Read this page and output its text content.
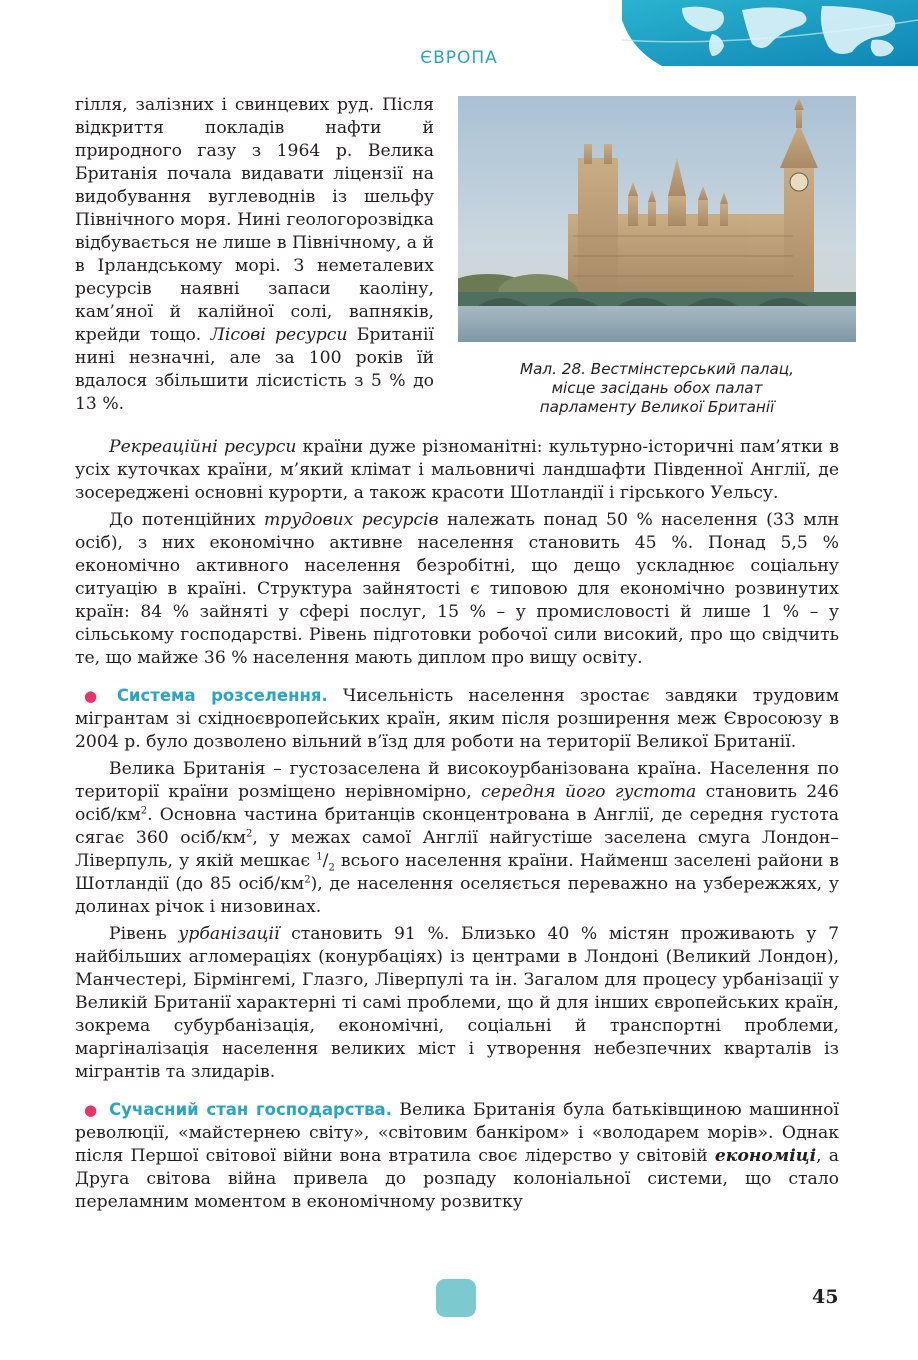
ЄВРОПА
Мал. 28. Вестмінстерський палац,
місце засідань обох палат
парламенту Великої Британії

гілля, залізних і свинцевих руд. Після відкриття покладів нафти й природного газу з 1964 р. Велика Британія почала видавати ліцензії на видобування вуглеводнів із шельфу Північного моря. Нині геологорозвідка відбувається не лише в Північному, а й в Ірландському морі. З неметалевих ресурсів наявні запаси каоліну, кам’яної й калійної солі, вапняків, крейди тощо. Лісові ресурси Британії нині незначні, але за 100 років їй вдалося збільшити лісистість з 5 % до 13 %.

Рекреаційні ресурси країни дуже різноманітні: культурно-історичні пам’ятки в усіх куточках країни, м’який клімат і мальовничі ландшафти Південної Англії, де зосереджені основні курорти, а також красоти Шотландії і гірського Уельсу.

До потенційних трудових ресурсів належать понад 50 % населення (33 млн осіб), з них економічно активне населення становить 45 %. Понад 5,5 % економічно активного населення безробітні, що дещо ускладнює соціальну ситуацію в країні. Структура зайнятості є типовою для економічно розвинутих країн: 84 % зайняті у сфері послуг, 15 % – у промисловості й лише 1 % – у сільському господарстві. Рівень підготовки робочої сили високий, про що свідчить те, що майже 36 % населення мають диплом про вищу освіту.

● Система розселення. Чисельність населення зростає завдяки трудовим мігрантам зі східноєвропейських країн, яким після розширення меж Євросоюзу в 2004 р. було дозволено вільний в’їзд для роботи на території Великої Британії.

Велика Британія – густозаселена й високоурбанізована країна. Населення по території країни розміщено нерівномірно, середня його густота становить 246 осіб/$км^2$. Основна частина британців сконцентрована в Англії, де середня густота сягає 360 осіб/$км^2$, у межах самої Англії найгустіше заселена смуга Лондон–Ліверпуль, у якій мешкає $^1/_2$ всього населення країни. Найменш заселені райони в Шотландії (до 85 осіб/$км^2$), де населення оселяється переважно на узбережжях, у долинах річок і низовинах.

Рівень урбанізації становить 91 %. Близько 40 % містян проживають у 7 найбільших агломераціях (конурбаціях) із центрами в Лондоні (Великий Лондон), Манчестері, Бірмінгемі, Глазго, Ліверпулі та ін. Загалом для процесу урбанізації у Великій Британії характерні ті самі проблеми, що й для інших європейських країн, зокрема субурбанізація, економічні, соціальні й транспортні проблеми, маргіналізація населення великих міст і утворення небезпечних кварталів із мігрантів та злидарів.

● Сучасний стан господарства. Велика Британія була батьківщиною машинної революції, «майстернею світу», «світовим банкіром» і «володарем морів». Однак після Першої світової війни вона втратила своє лідерство у світовій економіці, а Друга світова війна привела до розпаду колоніальної системи, що стало переламним моментом в економічному розвитку

45
